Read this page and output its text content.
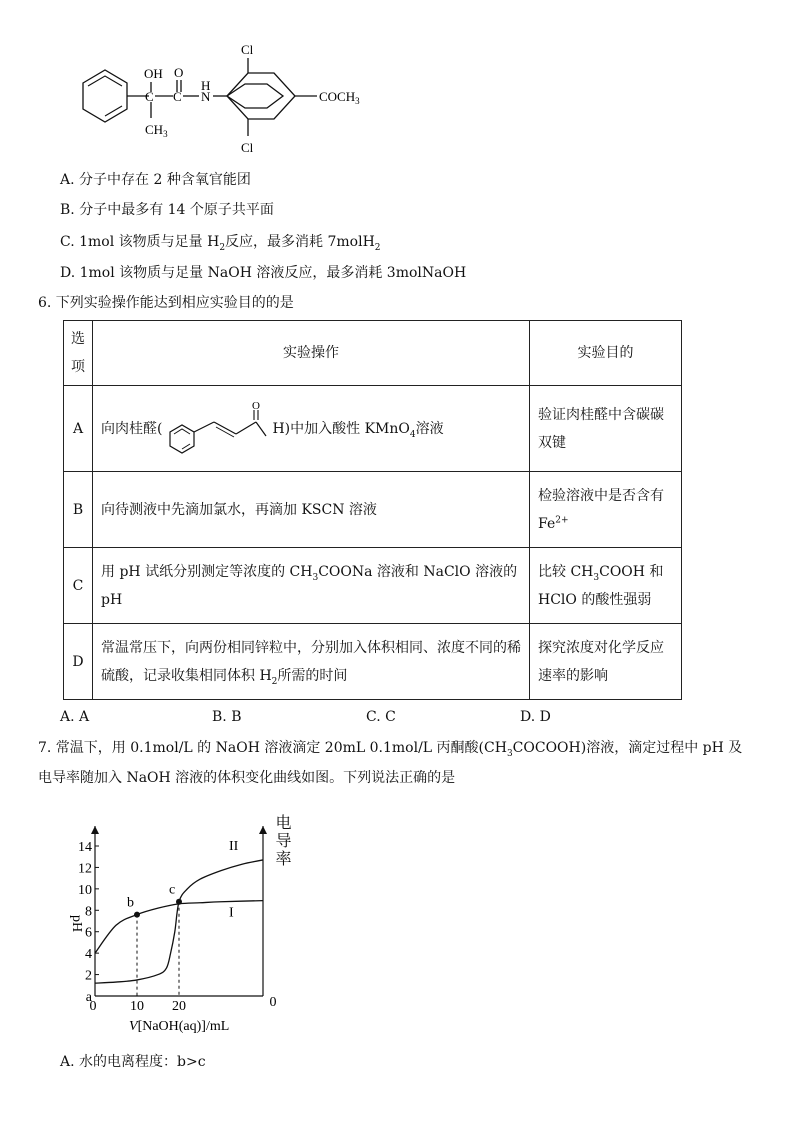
OH O
C C N
H
Cl
Cl
$COCH_3$
$CH_3$
A. 分子中存在 2 种含氧官能团
B. 分子中最多有 14 个原子共平面
C. 1mol 该物质与足量 $H_2$反应，最多消耗 7molH$_2$
D. 1mol 该物质与足量 NaOH 溶液反应，最多消耗 3molNaOH
6. 下列实验操作能达到相应实验目的的是
选
项	实验操作	实验目的
A	向肉桂醛(
O
H)中加入酸性 KMnO$_4$溶液	验证肉桂醛中含碳碳双键
B	向待测液中先滴加氯水，再滴加 KSCN 溶液	检验溶液中是否含有 $Fe^{2+}$
C	用 pH 试纸分别测定等浓度的 $CH_3COONa$ 溶液和 NaClO 溶液的 pH	比较 $CH_3COOH$ 和 HClO 的酸性强弱
D	常温常压下，向两份相同锌粒中，分别加入体积相同、浓度不同的稀硫酸，记录收集相同体积 $H_2$所需的时间	探究浓度对化学反应速率的影响
A. A	B. B	C. C	D. D
7. 常温下，用 0.1mol/L 的 NaOH 溶液滴定 20mL 0.1mol/L 丙酮酸$(CH_3COCOOH)$溶液，滴定过程中 pH 及
电导率随加入 NaOH 溶液的体积变化曲线如图。下列说法正确的是
14
12
10
8
6
4
2
a
0	0
10 20
I
II
b
c
pH
V[NaOH(aq)]/mL
电导率
A. 水的电离程度：b>c
